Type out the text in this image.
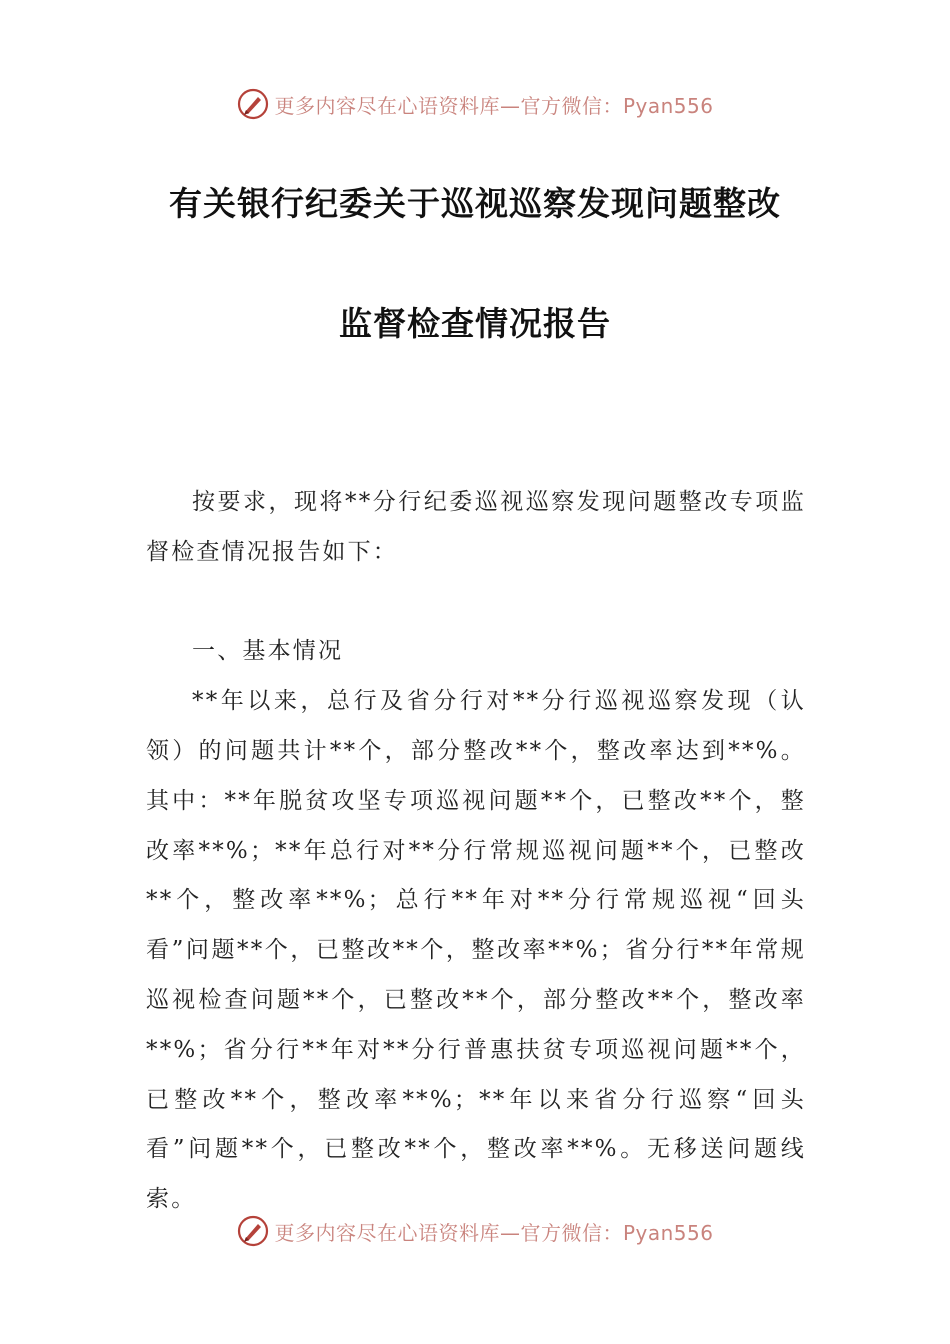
更多内容尽在心语资料库—官方微信：Pyan556
有关银行纪委关于巡视巡察发现问题整改
监督检查情况报告

按要求，现将**分行纪委巡视巡察发现问题整改专项监督检查情况报告如下：

一、基本情况

**年以来，总行及省分行对**分行巡视巡察发现（认领）的问题共计**个，部分整改**个，整改率达到**%。其中：**年脱贫攻坚专项巡视问题**个，已整改**个，整改率**%；**年总行对**分行常规巡视问题**个，已整改**个，整改率**%；总行**年对**分行常规巡视“回头看”问题**个，已整改**个，整改率**%；省分行**年常规巡视检查问题**个，已整改**个，部分整改**个，整改率**%；省分行**年对**分行普惠扶贫专项巡视问题**个，已整改**个，整改率**%；**年以来省分行巡察“回头看”问题**个，已整改**个，整改率**%。无移送问题线索。

更多内容尽在心语资料库—官方微信：Pyan556
